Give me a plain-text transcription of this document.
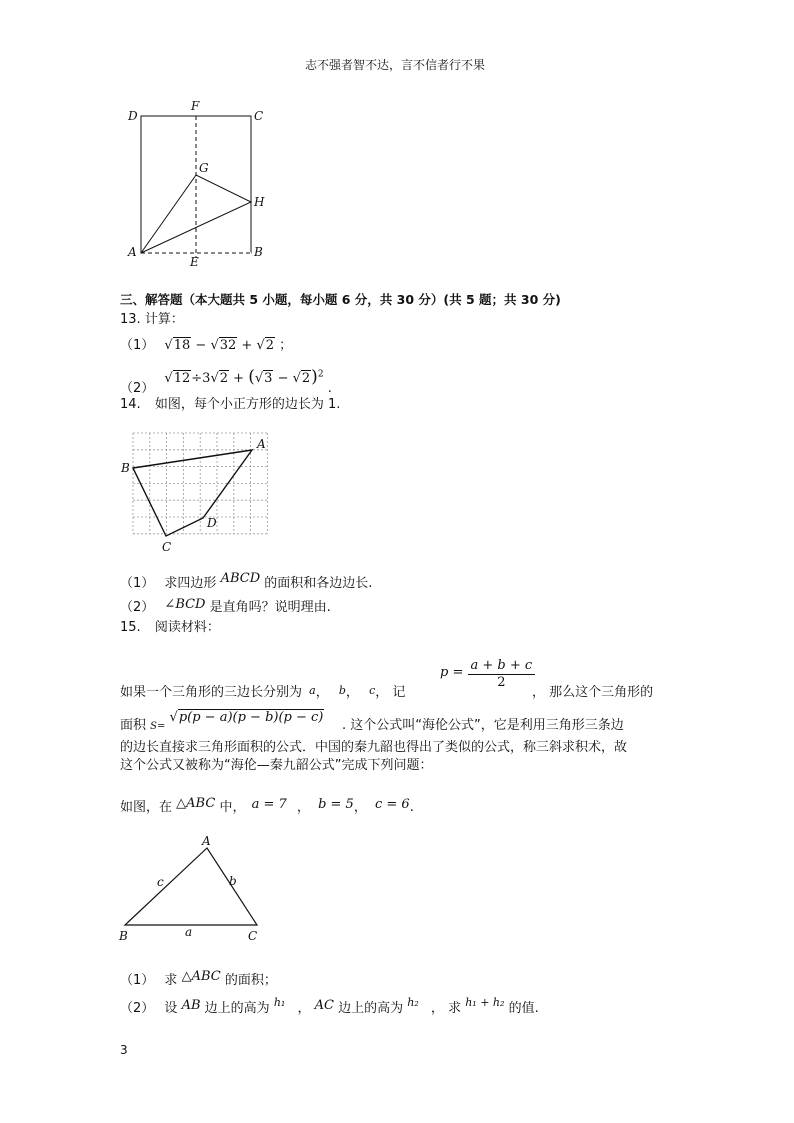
志不强者智不达，言不信者行不果
D
F
C
G
H
A
E
B
三、解答题（本大题共 5 小题，每小题 6 分，共 30 分）(共 5 题；共 30 分)
13. 计算：
（1） √18 − √32 + √2 ；
（2） $√12\div 3√2 + (√3 - √2)^2$ .
14. 如图，每个小正方形的边长为 1.
A
B
C
D
（1） 求四边形 ABCD 的面积和各边边长.
（2） ∠BCD 是直角吗？说明理由.
15. 阅读材料：
$p = \frac{a + b + c}{2}$
如果一个三角形的三边长分别为 a， b， c， 记	， 那么这个三角形的
面积 $_{S=}$ √p(p − a)(p − b)(p − c)
. 这个公式叫“海伦公式”，它是利用三角形三条边
的边长直接求三角形面积的公式．中国的秦九韶也得出了类似的公式，称三斜求积术，故
这个公式又被称为“海伦—秦九韶公式”完成下列问题：
如图，在 △ABC 中， a = 7 ， b = 5， c = 6.
A
B	C
a
b
c
（1） 求 △ABC 的面积；
（2） 设 AB 边上的高为 $^{h_1}$ ， AC 边上的高为 $^{h_2}$ ， 求 $^{h_1 + h_2}$ 的值.
3
